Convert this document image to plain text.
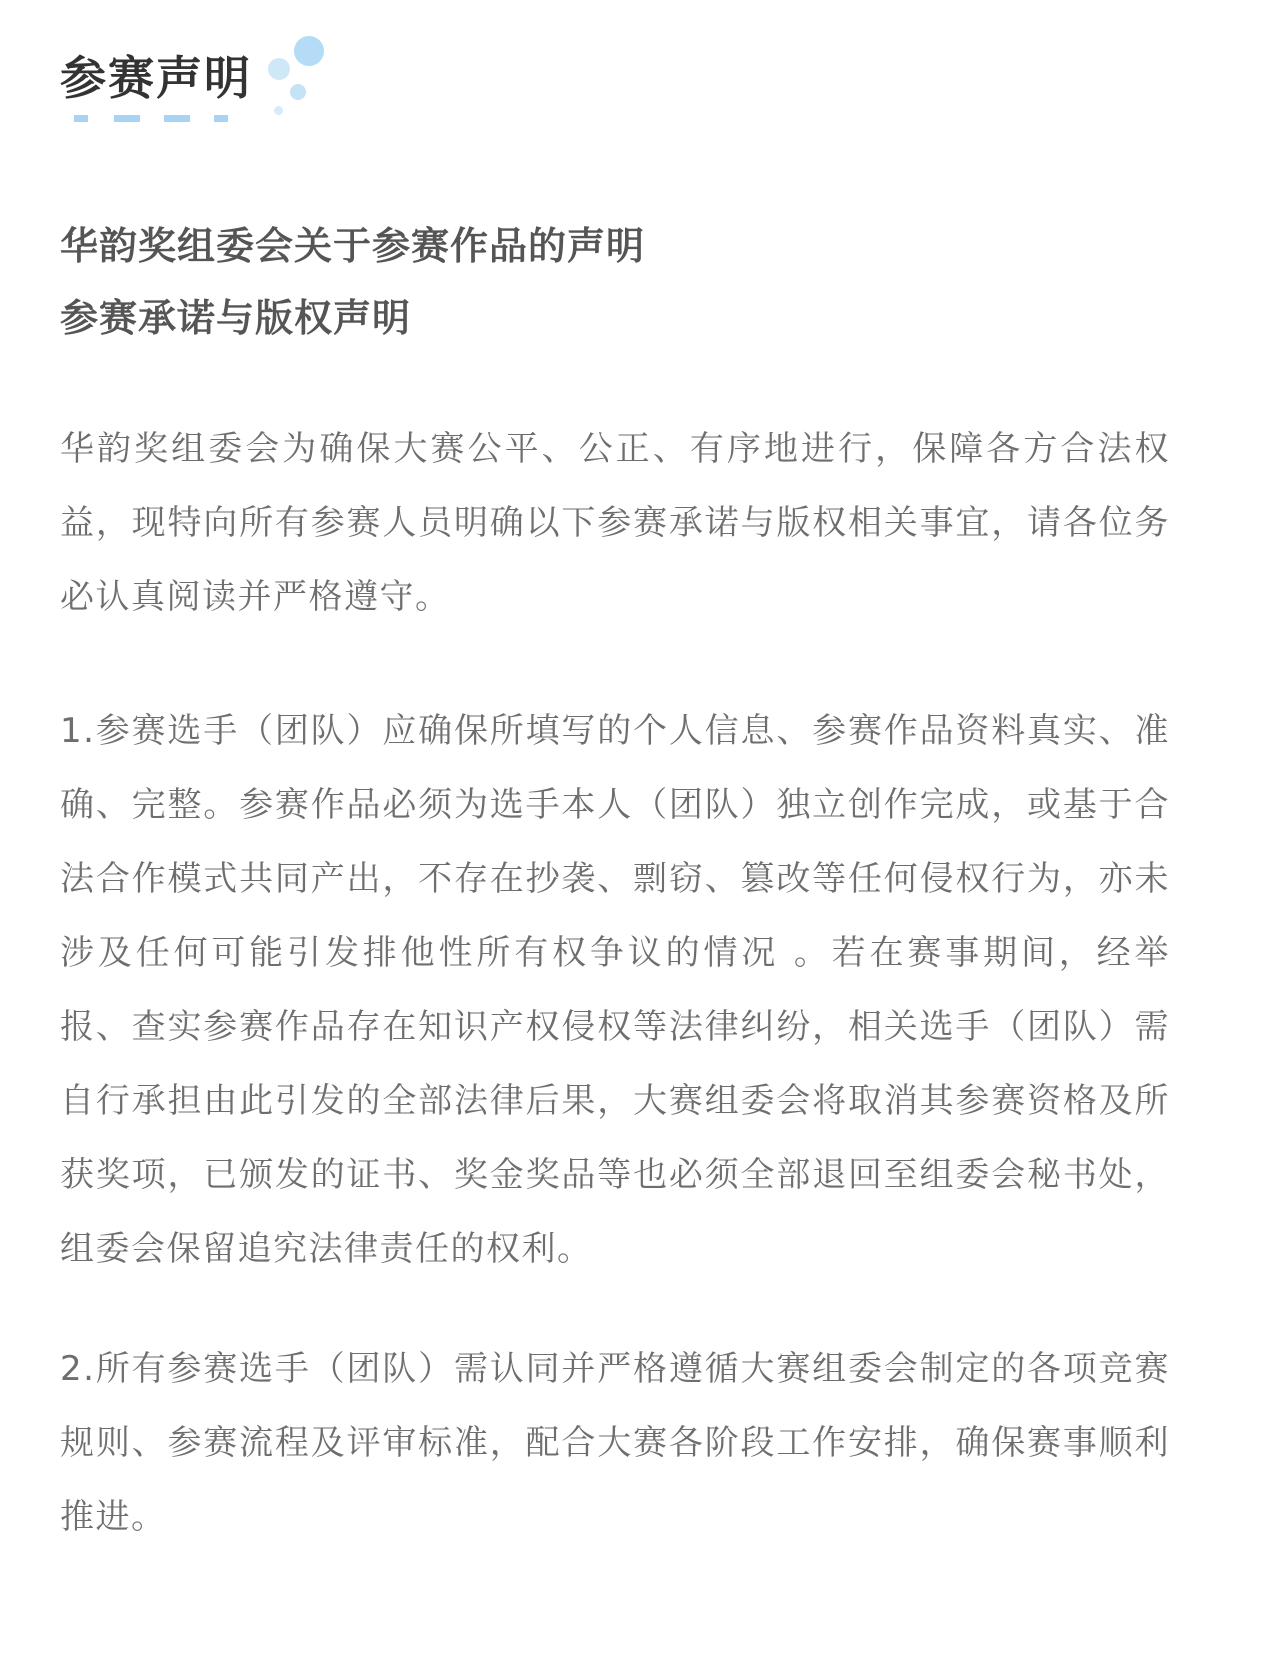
参赛声明
华韵奖组委会关于参赛作品的声明
参赛承诺与版权声明

华韵奖组委会为确保大赛公平、公正、有序地进行，保障各方合法权益，现特向所有参赛人员明确以下参赛承诺与版权相关事宜，请各位务必认真阅读并严格遵守。

1.参赛选手（团队）应确保所填写的个人信息、参赛作品资料真实、准确、完整。参赛作品必须为选手本人（团队）独立创作完成，或基于合法合作模式共同产出，不存在抄袭、剽窃、篡改等任何侵权行为，亦未涉及任何可能引发排他性所有权争议的情况 。若在赛事期间，经举报、查实参赛作品存在知识产权侵权等法律纠纷，相关选手（团队）需自行承担由此引发的全部法律后果，大赛组委会将取消其参赛资格及所获奖项，已颁发的证书、奖金奖品等也必须全部退回至组委会秘书处，组委会保留追究法律责任的权利。

2.所有参赛选手（团队）需认同并严格遵循大赛组委会制定的各项竞赛规则、参赛流程及评审标准，配合大赛各阶段工作安排，确保赛事顺利推进。
